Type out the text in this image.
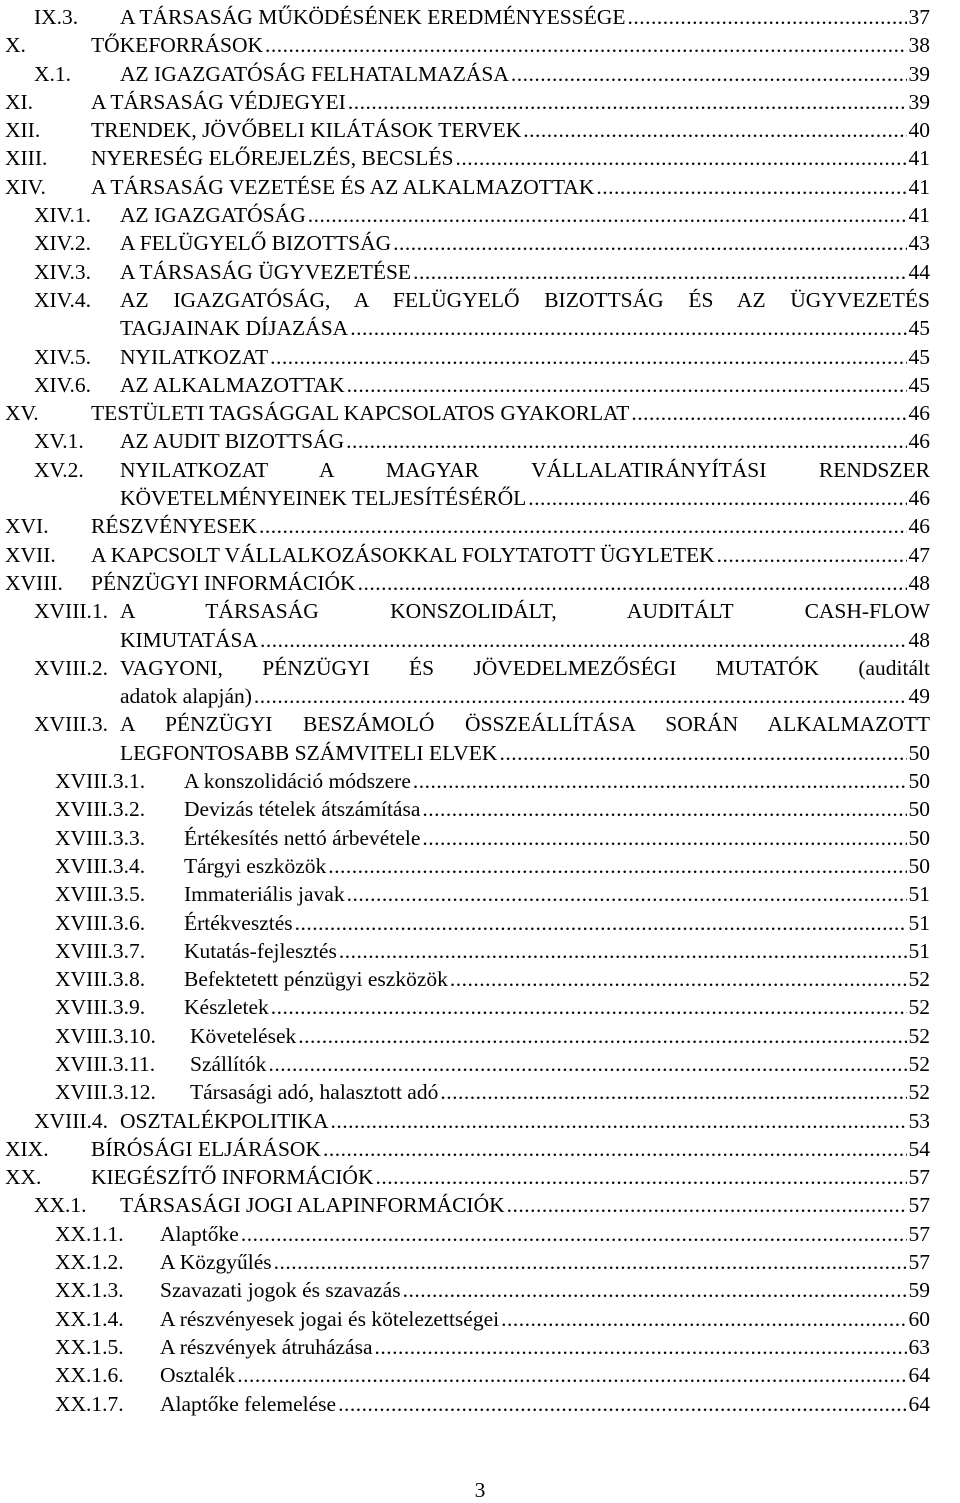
IX.3. A TÁRSASÁG MŰKÖDÉSÉNEK EREDMÉNYESSÉGE .....	37
X.	TŐKEFORRÁSOK .....	38
X.1. AZ IGAZGATÓSÁG FELHATALMAZÁSA .....	39
XI.	A TÁRSASÁG VÉDJEGYEI .....	39
XII. TRENDEK, JÖVŐBELI KILÁTÁSOK TERVEK .....	40
XIII. NYERESÉG ELŐREJELZÉS, BECSLÉS .....	41
XIV. A TÁRSASÁG VEZETÉSE ÉS AZ ALKALMAZOTTAK .....	41
XIV.1. AZ IGAZGATÓSÁG .....	41
XIV.2. A FELÜGYELŐ BIZOTTSÁG .....	43
XIV.3. A TÁRSASÁG ÜGYVEZETÉSE .....	44
XIV.4. AZ IGAZGATÓSÁG, A FELÜGYELŐ BIZOTTSÁG ÉS AZ ÜGYVEZETÉS
TAGJAINAK DÍJAZÁSA .....	45
XIV.5. NYILATKOZAT .....	45
XIV.6. AZ ALKALMAZOTTAK .....	45
XV. TESTÜLETI TAGSÁGGAL KAPCSOLATOS GYAKORLAT .....	46
XV.1. AZ AUDIT BIZOTTSÁG .....	46
XV.2. NYILATKOZAT A MAGYAR VÁLLALATIRÁNYÍTÁSI RENDSZER
KÖVETELMÉNYEINEK TELJESÍTÉSÉRŐL .....	46
XVI. RÉSZVÉNYESEK .....	46
XVII. A KAPCSOLT VÁLLALKOZÁSOKKAL FOLYTATOTT ÜGYLETEK .....	47
XVIII. PÉNZÜGYI INFORMÁCIÓK .....	48
XVIII.1. A TÁRSASÁG KONSZOLIDÁLT, AUDITÁLT CASH-FLOW
KIMUTATÁSA .....	48
XVIII.2. VAGYONI, PÉNZÜGYI ÉS JÖVEDELMEZŐSÉGI MUTATÓK (auditált
adatok alapján) .....	49
XVIII.3. A PÉNZÜGYI BESZÁMOLÓ ÖSSZEÁLLÍTÁSA SORÁN ALKALMAZOTT
LEGFONTOSABB SZÁMVITELI ELVEK .....	50
XVIII.3.1. A konszolidáció módszere .....	50
XVIII.3.2. Devizás tételek átszámítása .....	50
XVIII.3.3. Értékesítés nettó árbevétele .....	50
XVIII.3.4. Tárgyi eszközök .....	50
XVIII.3.5. Immateriális javak .....	51
XVIII.3.6. Értékvesztés .....	51
XVIII.3.7. Kutatás-fejlesztés .....	51
XVIII.3.8. Befektetett pénzügyi eszközök .....	52
XVIII.3.9. Készletek .....	52
XVIII.3.10. Követelések .....	52
XVIII.3.11. Szállítók .....	52
XVIII.3.12. Társasági adó, halasztott adó .....	52
XVIII.4. OSZTALÉKPOLITIKA .....	53
XIX. BÍRÓSÁGI ELJÁRÁSOK .....	54
XX. KIEGÉSZÍTŐ INFORMÁCIÓK .....	57
XX.1. TÁRSASÁGI JOGI ALAPINFORMÁCIÓK .....	57
XX.1.1. Alaptőke .....	57
XX.1.2. A Közgyűlés .....	57
XX.1.3. Szavazati jogok és szavazás .....	59
XX.1.4. A részvényesek jogai és kötelezettségei .....	60
XX.1.5. A részvények átruházása .....	63
XX.1.6. Osztalék .....	64
XX.1.7. Alaptőke felemelése .....	64
3
